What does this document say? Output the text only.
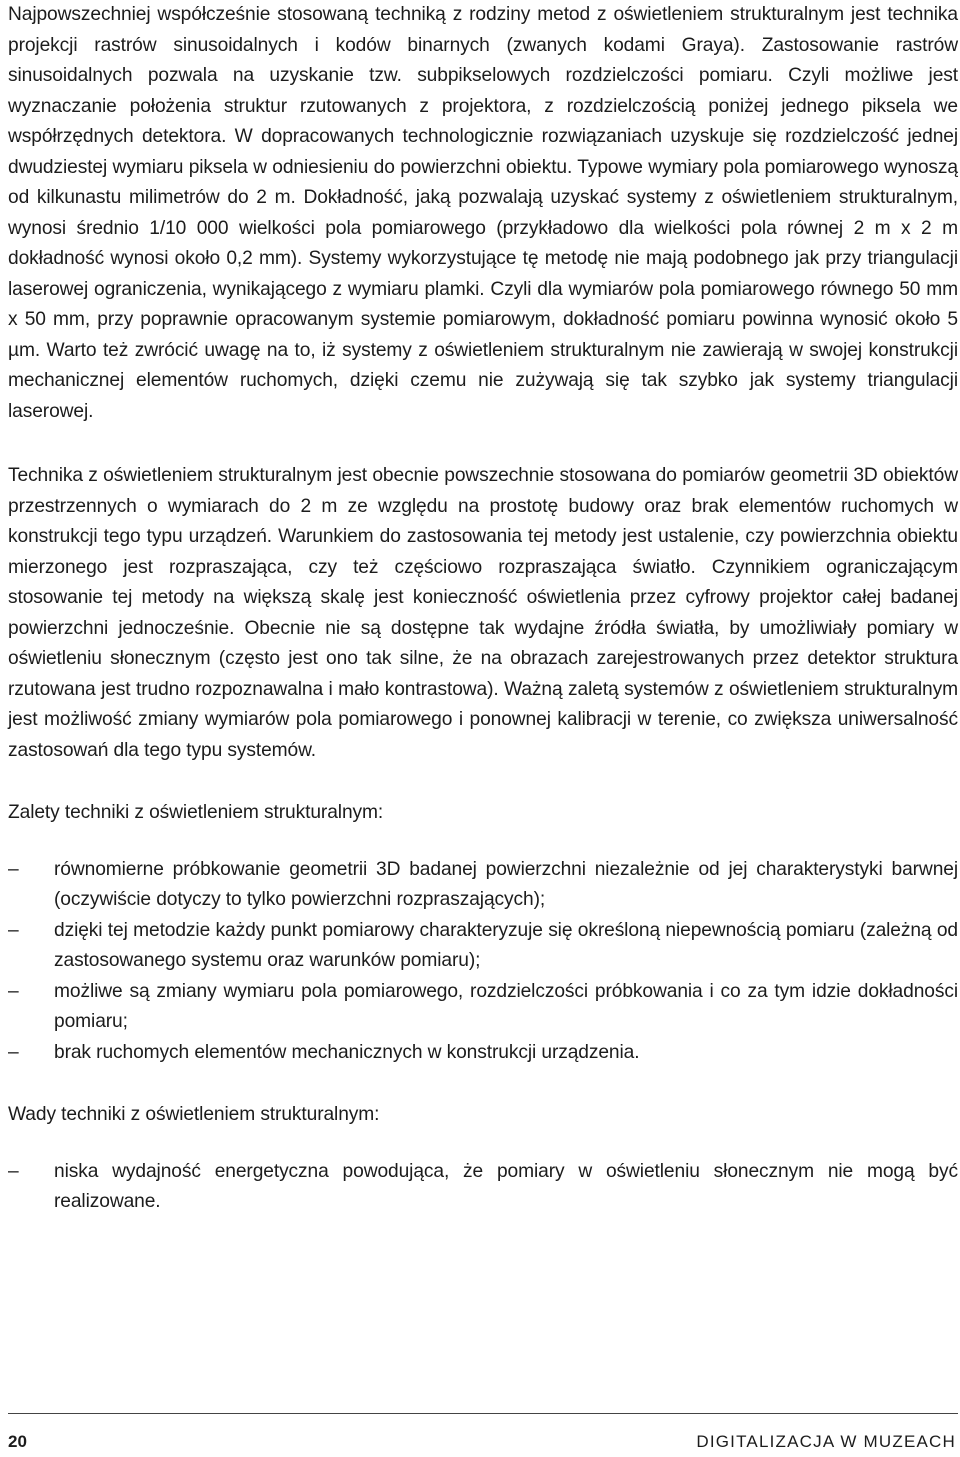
Najpowszechniej współcześnie stosowaną techniką z rodziny metod z oświetleniem strukturalnym jest technika projekcji rastrów sinusoidalnych i kodów binarnych (zwanych kodami Graya). Zastosowanie rastrów sinusoidalnych pozwala na uzyskanie tzw. subpikselowych rozdzielczości pomiaru. Czyli możliwe jest wyznaczanie położenia struktur rzutowanych z projektora, z rozdzielczością poniżej jednego piksela we współrzędnych detektora. W dopracowanych technologicznie rozwiązaniach uzyskuje się rozdzielczość jednej dwudziestej wymiaru piksela w odniesieniu do powierzchni obiektu. Typowe wymiary pola pomiarowego wynoszą od kilkunastu milimetrów do 2 m. Dokładność, jaką pozwalają uzyskać systemy z oświetleniem strukturalnym, wynosi średnio 1/10 000 wielkości pola pomiarowego (przykładowo dla wielkości pola równej 2 m x 2 m dokładność wynosi około 0,2 mm). Systemy wykorzystujące tę metodę nie mają podobnego jak przy triangulacji laserowej ograniczenia, wynikającego z wymiaru plamki. Czyli dla wymiarów pola pomiarowego równego 50 mm x 50 mm, przy poprawnie opracowanym systemie pomiarowym, dokładność pomiaru powinna wynosić około 5 µm. Warto też zwrócić uwagę na to, iż systemy z oświetleniem strukturalnym nie zawierają w swojej konstrukcji mechanicznej elementów ruchomych, dzięki czemu nie zużywają się tak szybko jak systemy triangulacji laserowej.

Technika z oświetleniem strukturalnym jest obecnie powszechnie stosowana do pomiarów geometrii 3D obiektów przestrzennych o wymiarach do 2 m ze względu na prostotę budowy oraz brak elementów ruchomych w konstrukcji tego typu urządzeń. Warunkiem do zastosowania tej metody jest ustalenie, czy powierzchnia obiektu mierzonego jest rozpraszająca, czy też częściowo rozpraszająca światło. Czynnikiem ograniczającym stosowanie tej metody na większą skalę jest konieczność oświetlenia przez cyfrowy projektor całej badanej powierzchni jednocześnie. Obecnie nie są dostępne tak wydajne źródła światła, by umożliwiały pomiary w oświetleniu słonecznym (często jest ono tak silne, że na obrazach zarejestrowanych przez detektor struktura rzutowana jest trudno rozpoznawalna i mało kontrastowa). Ważną zaletą systemów z oświetleniem strukturalnym jest możliwość zmiany wymiarów pola pomiarowego i ponownej kalibracji w terenie, co zwiększa uniwersalność zastosowań dla tego typu systemów.

Zalety techniki z oświetleniem strukturalnym:

–	równomierne próbkowanie geometrii 3D badanej powierzchni niezależnie od jej charakterystyki barwnej (oczywiście dotyczy to tylko powierzchni rozpraszających);
–	dzięki tej metodzie każdy punkt pomiarowy charakteryzuje się określoną niepewnością pomiaru (zależną od zastosowanego systemu oraz warunków pomiaru);
–	możliwe są zmiany wymiaru pola pomiarowego, rozdzielczości próbkowania i co za tym idzie dokładności pomiaru;
–	brak ruchomych elementów mechanicznych w konstrukcji urządzenia.

Wady techniki z oświetleniem strukturalnym:

–	niska wydajność energetyczna powodująca, że pomiary w oświetleniu słonecznym nie mogą być realizowane.
20	DIGITALIZACJA W MUZEACH
